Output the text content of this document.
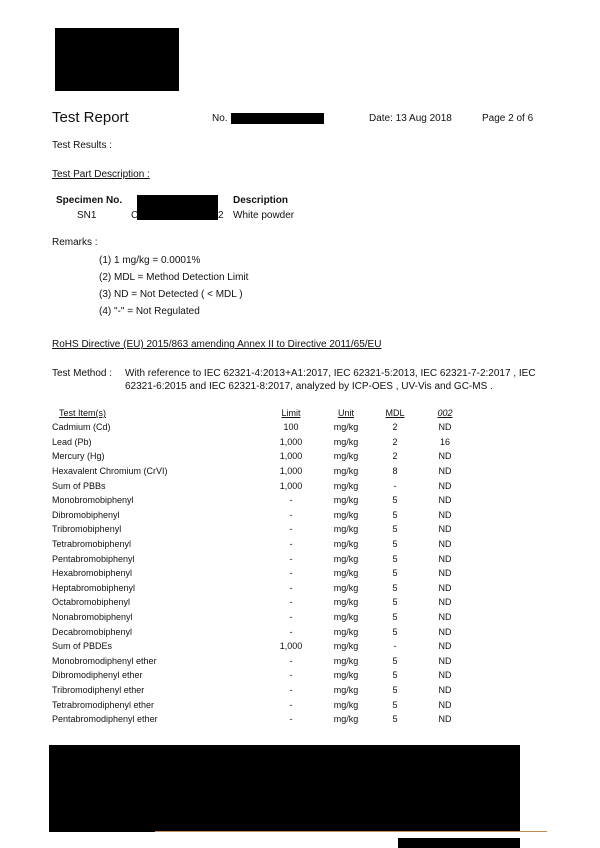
Test Report	No.	Date: 13 Aug 2018	Page 2 of 6
Test Results :
Test Part Description :
Specimen No.	Description
SN1	C	2 White powder
Remarks :
(1) 1 mg/kg = 0.0001%
(2) MDL = Method Detection Limit
(3) ND = Not Detected ( < MDL )
(4) "-" = Not Regulated
RoHS Directive (EU) 2015/863 amending Annex II to Directive 2011/65/EU
Test Method : With reference to IEC 62321-4:2013+A1:2017, IEC 62321-5:2013, IEC 62321-7-2:2017 , IEC
62321-6:2015 and IEC 62321-8:2017, analyzed by ICP-OES , UV-Vis and GC-MS .
Test Item(s)	Limit	Unit	MDL	002
Cadmium (Cd)	100	mg/kg	2	ND
Lead (Pb)	1,000	mg/kg	2	16
Mercury (Hg)	1,000	mg/kg	2	ND
Hexavalent Chromium (CrVI)	1,000	mg/kg	8	ND
Sum of PBBs	1,000	mg/kg	-	ND
Monobromobiphenyl	-	mg/kg	5	ND
Dibromobiphenyl	-	mg/kg	5	ND
Tribromobiphenyl	-	mg/kg	5	ND
Tetrabromobiphenyl	-	mg/kg	5	ND
Pentabromobiphenyl	-	mg/kg	5	ND
Hexabromobiphenyl	-	mg/kg	5	ND
Heptabromobiphenyl	-	mg/kg	5	ND
Octabromobiphenyl	-	mg/kg	5	ND
Nonabromobiphenyl	-	mg/kg	5	ND
Decabromobiphenyl	-	mg/kg	5	ND
Sum of PBDEs	1,000	mg/kg	-	ND
Monobromodiphenyl ether	-	mg/kg	5	ND
Dibromodiphenyl ether	-	mg/kg	5	ND
Tribromodiphenyl ether	-	mg/kg	5	ND
Tetrabromodiphenyl ether	-	mg/kg	5	ND
Pentabromodiphenyl ether	-	mg/kg	5	ND
